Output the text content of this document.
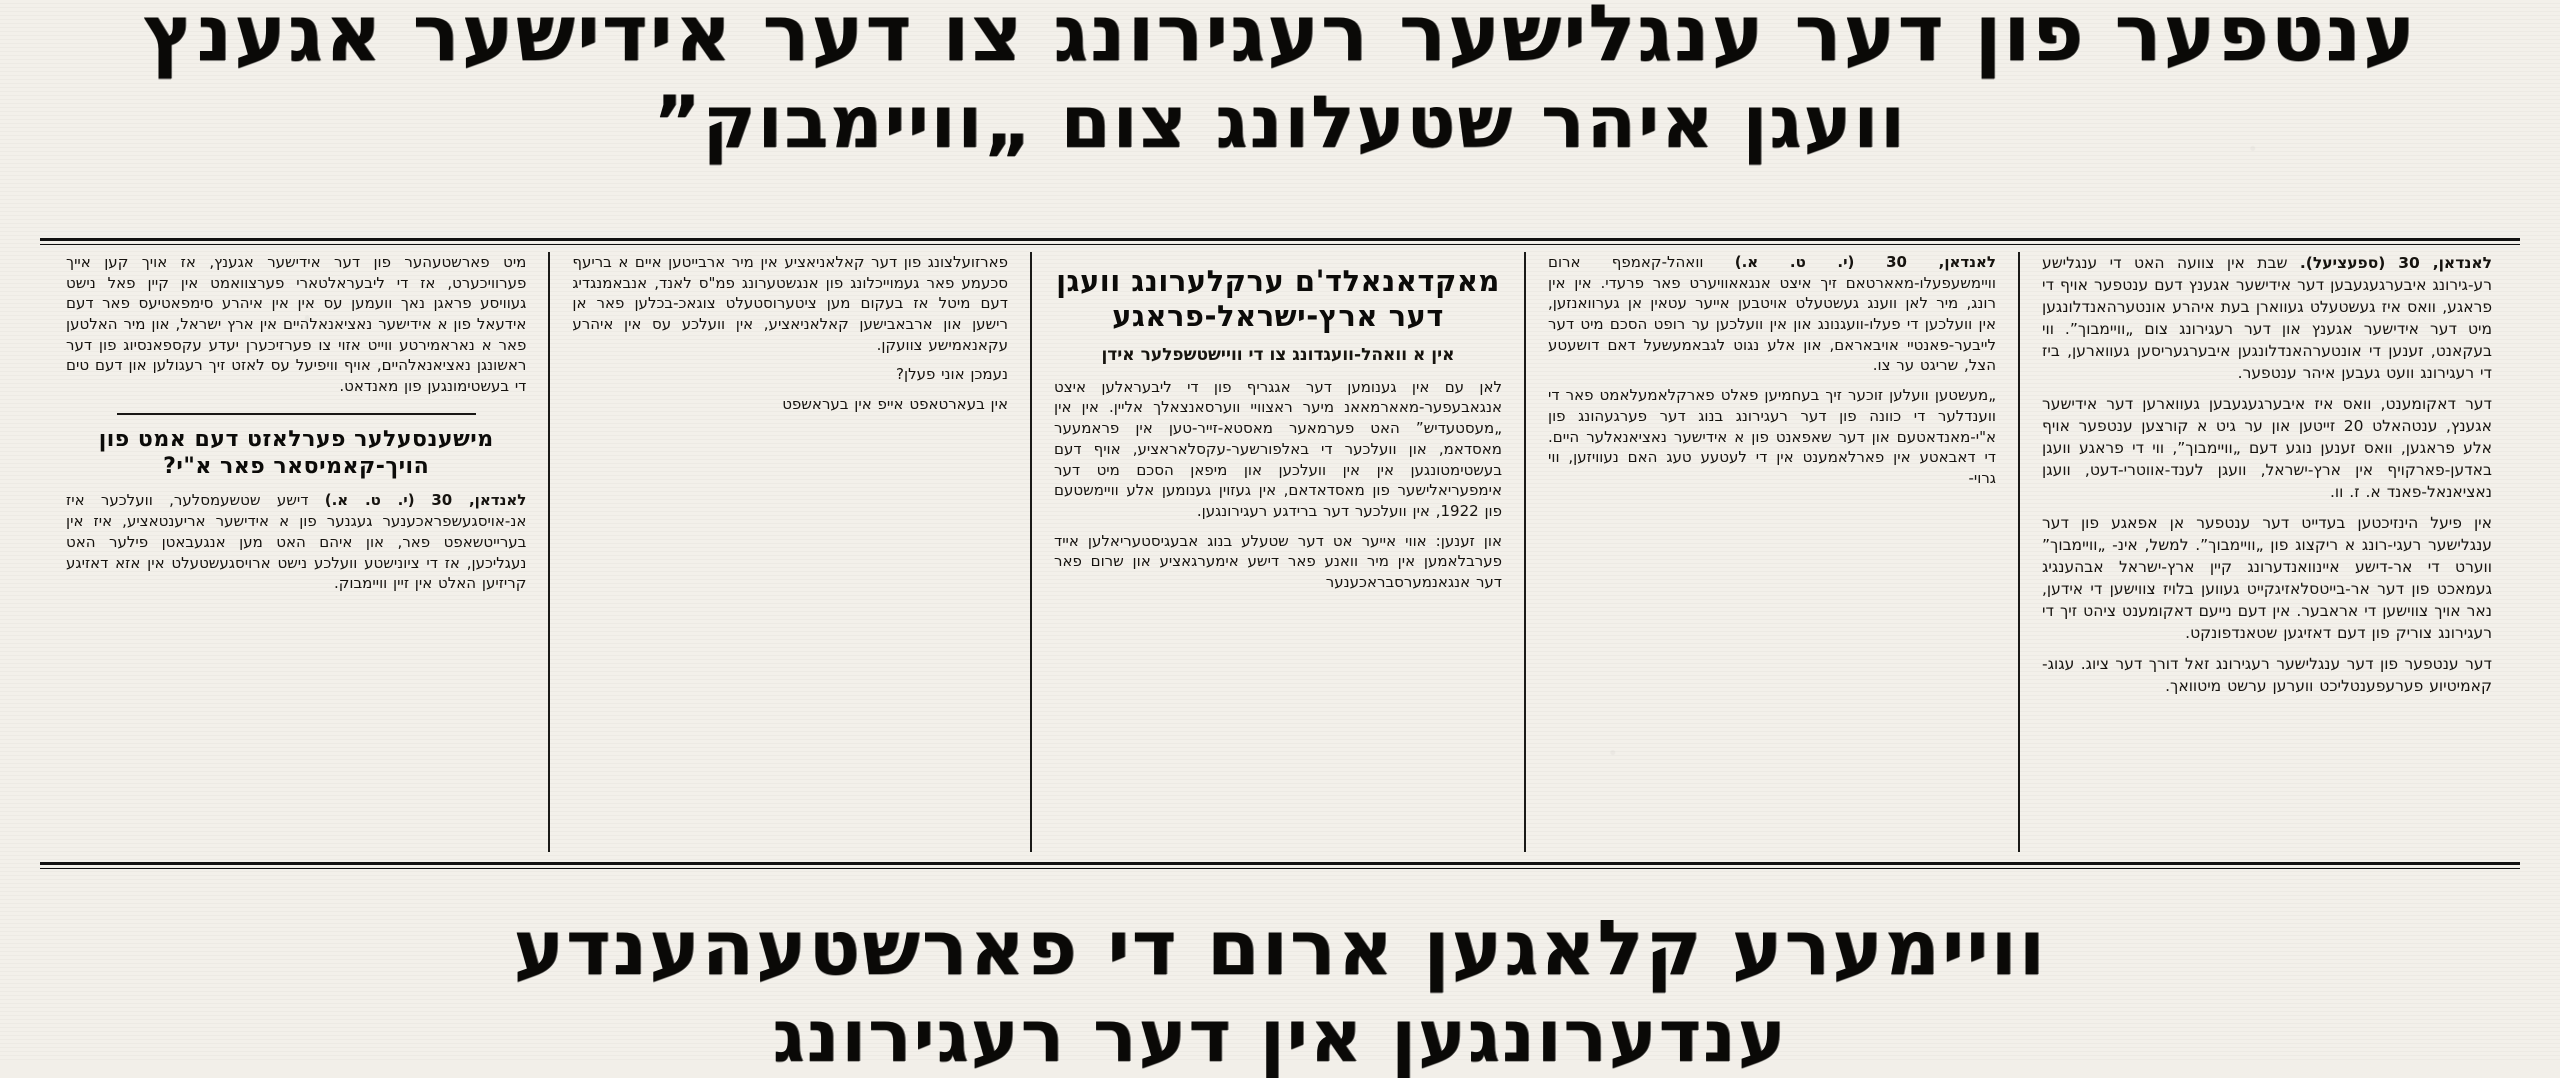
ענטפער פון דער ענגלישער רעגירונג צו דער אידישער אגענץ
וועגן איהר שטעלונג צום „וויימבוק”

לאנדאן, 30 (ספעציעל). שבת אין צוועה האט די ענגלישע רע‑גירונג איבערגעגעבען דער אידישער אגענץ דעם ענטפער אויף די פראגע, וואס איז געשטעלט געווארן בעת איהרע אונטערהאנדלונגען מיט דער אידישער אגענץ און דער רעגירונג צום „וויימבוך”. ווי בעקאנט, זענען די אונטערהאנדלונגען איבערגעריסען געווארען, ביז די רעגירונג וועט געבען איהר ענטפער.

דער דאקומענט, וואס איז איבערגעגעבען געווארען דער אידישער אגענץ, ענטהאלט 20 זייטען און ער גיט א קורצען ענטפער אויף אלע פראגען, וואס זענען נוגע דעם „וויימבוך”, ווי די פראגע וועגן באדען‑פארקויף אין ארץ‑ישראל, וועגן לענד‑אווטרי‑דעט, וועגן נאציאנאל‑פאנד א. ז. וו.

אין פיעל הינזיכטען בעדייט דער ענטפער אן אפאגע פון דער ענגלישער רעגי‑רונג א ריקצוג פון „וויימבוך”. למשל, אינ‑ „וויימבוך” ווערט די אר‑דישע איינוואנדערונג קיין ארץ‑ישראל אבהענגיג געמאכט פון דער אר‑בייטסלאזיגקייט געווען בלויז צווישען די אידען, נאר אויך צווישען די אראבער. אין דעם נייעם דאקומענט ציהט זיך די רעגירונג צוריק פון דעם דאזיגען שטאנדפונקט.

דער ענטפער פון דער ענגלישער רעגירונג זאל דורך דער ציוג. עגוג‑ קאמיטיוע פערעפענטליכט ווערען ערשט מיטוואך.

לאנדאן, 30 (י. ט. א.) וואהל‑קאמפף ארום וויימשעפעלו‑מאארטאם זיך איצט אנגאאוויערט פאר פרעדי. אין אין רונג, מיר לאן ווענג געשטעלט אויטבען אייער עטאין אן גערוואנזען, אין וועלכען די פעלו‑וועגנונג און אין וועלכען ער רופט הסכם מיט דער לייבער‑פאנטיי אויבאראם, און אלע נגוט לגבאמעשעל דאם דושעטע הצל, שריגט ער צו.

„מעשטען וועלען זוכער זיך בעחמיען פאלט פארקלאמעלאמט פאר די ווענדלער די כוונה פון דער רעגירונג בנוג דער פערגעהונג פון א"י-מאנדאטעם און דער שאפאנט פון א אידישער נאציאנאלער היים. די דאבאטע אין פארלאמענט אין די לעטעע טעג האם נעוויזען, ווי גרוי‑

מאקדאנאלד'ם ערקלערונג וועגן דער ארץ-ישראל-פראגע
אין א וואהל-וועגדונג צו די וויישטשפלער אידן

לאן עם אין גענומען דער אגגריף פון די ליבעראלען איצט אנגאבעפער‑מאארמאאנ מיער ראצוויי ווערסאנצאלך אליין. אין אין „מעסטעדיש” האט פערמאער מאסטא‑זייר‑טען אין פראמעער מאסדאמ, און וועלכער די באלפורשער‑עקסלאראציע, אויף דעם בעשטימטונגען אין אין וועלכען און מיפאן הסכם מיט דער אימפעריאלישער פון מאסדאדאם, אין געזוין גענומען אלע וויימשטעם פון 1922, אין וועלכער דער ברידגע רעגירונגען.

און זענען: אווי אייער אט דער שטעלע בנוג אבעגיסטעריאלען אייד פערבלאמען אין מיר וואנע פאר דישע אימערגאציע און שרום פאר דער אנגאנמערסבראכענער

פארזועלצונג פון דער קאלאניאציע אין מיר ארבייטען איים א בריעף סכעמע פאר געמוייכלונג פון אנגשטערונג פמ"ס לאנד, אנבאמנגדיג דעם מיטל אז בעקום מען ציטערוסטעלט צוגאכ‑בכלען פאר אן רישען און ארבאבישען קאלאניאציע, אין וועלכע עס אין איהרע עקאנאמישע צוועקן.

נעמכן אוני פעלן?

אין בעארטאפט אייפ אין בעראשפט

מיט פארשטעהער פון דער אידישער אגענץ, אז אויך קען אייך פערוויכערט, אז די ליבעראלטארי פערצוואמט אין קיין פאל נישט געוויסע פראגן נאך וועמען עס אין אין איהרע סימפאטיעס פאר דעם אידעאל פון א אידישער נאציאנאלהיים אין ארץ ישראל, און מיר האלטען פאר א נאראמירטע ווייט אזוי צו פערזיכערן יעדע עקספאנסיוג פון דער ראשונגן נאציאנאלהיים, אויף וויפיעל עס לאזט זיך רעגולען און דעם טים די בעשטימונגען פון מאנדאט.

מישענסעלער פערלאזט דעם אמט פון הויך-קאמיסאר פאר א"י?

לאנדאן, 30 (י. ט. א.) דישע שטשעמסלער, וועלכער איז אנ‑אויסגעשפראכענער געגנער פון א אידישער אריענטאציע, איז אין בערייטשאפט פאר, און איהם האט מען אנגעבאטן פילער האט נעגליכען, אז די ציונישטע וועלכע נישט ארויסגעשטעלט אין אזא דאזיגע קריזיען האלט אין זיין וויימבוק.

וויימערע קלאגען ארום די פארשטעהענדע
ענדערונגען אין דער רעגירונג
